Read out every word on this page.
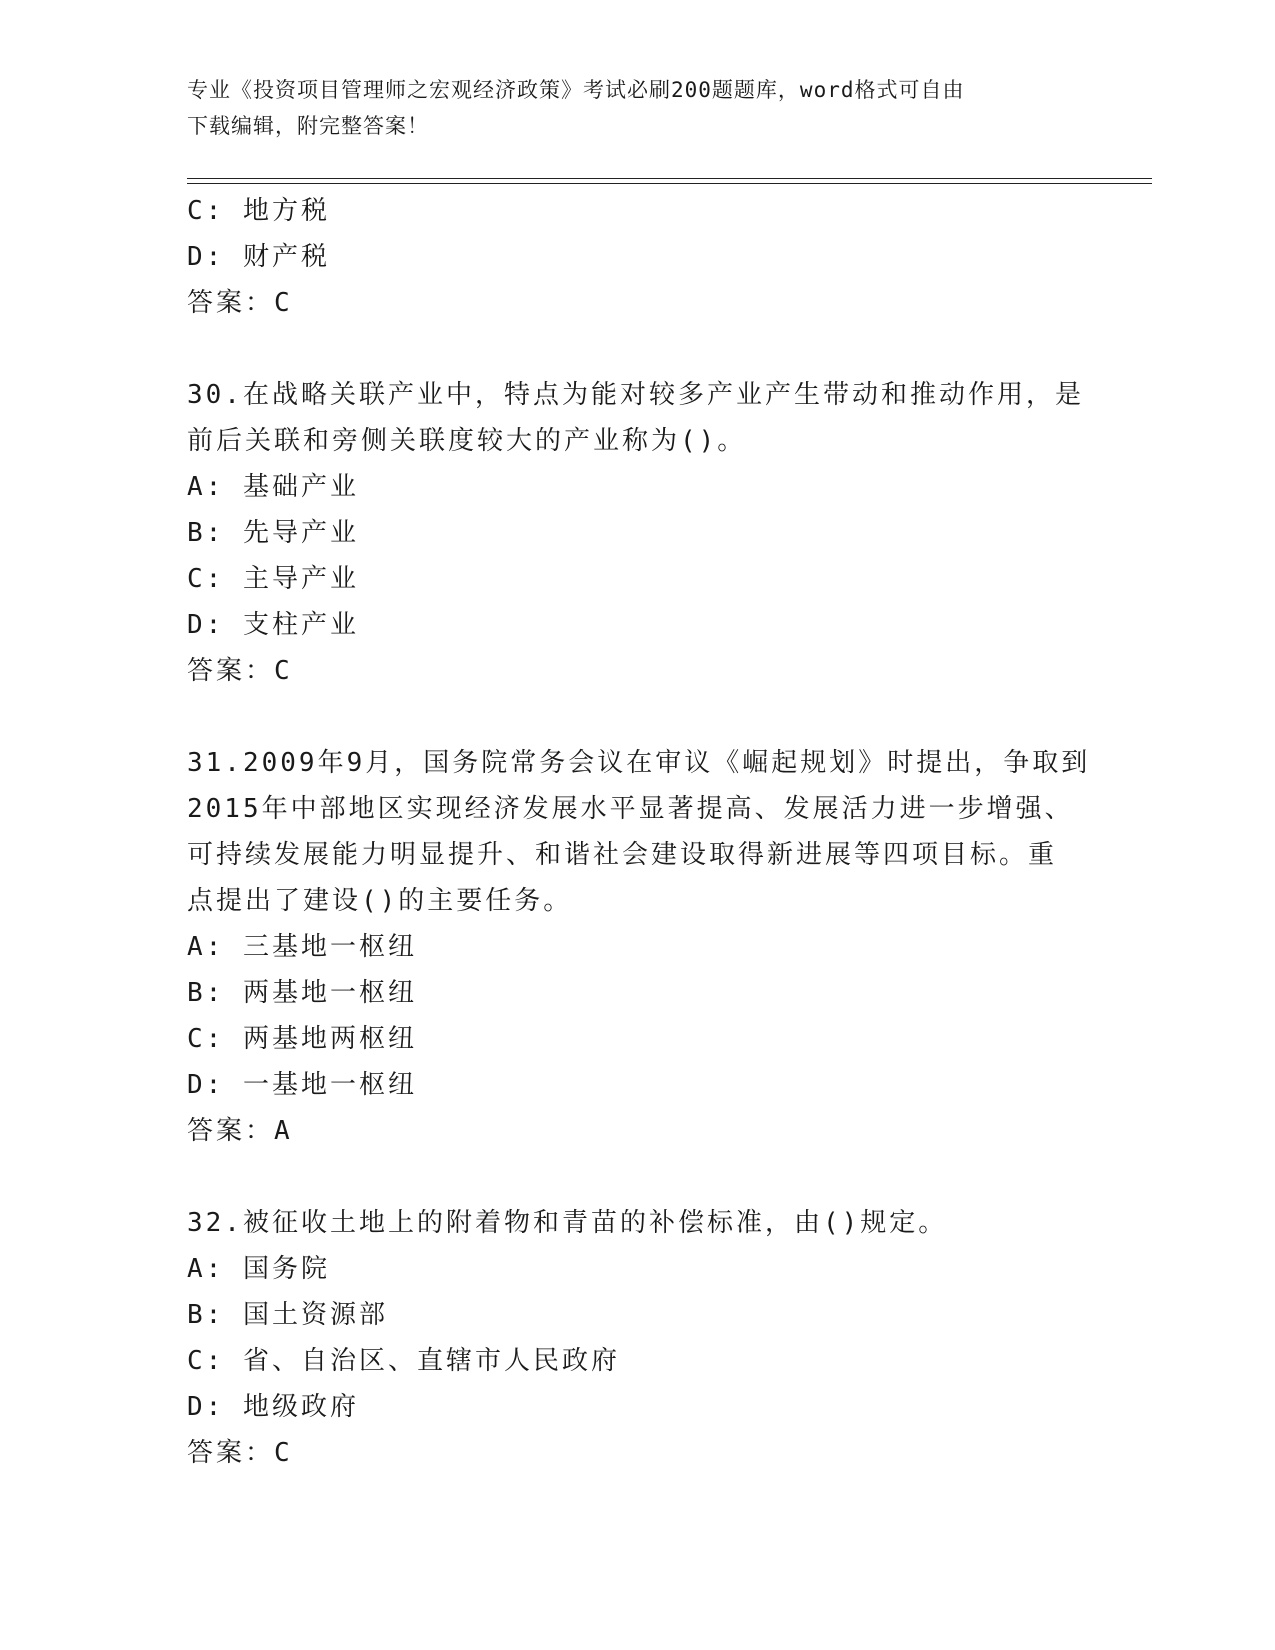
专业《投资项目管理师之宏观经济政策》考试必刷200题题库，word格式可自由
下载编辑，附完整答案！
C: 地方税
D: 财产税
答案：C
30.在战略关联产业中，特点为能对较多产业产生带动和推动作用，是
前后关联和旁侧关联度较大的产业称为()。
A: 基础产业
B: 先导产业
C: 主导产业
D: 支柱产业
答案：C
31.2009年9月，国务院常务会议在审议《崛起规划》时提出，争取到
2015年中部地区实现经济发展水平显著提高、发展活力进一步增强、
可持续发展能力明显提升、和谐社会建设取得新进展等四项目标。重
点提出了建设()的主要任务。
A: 三基地一枢纽
B: 两基地一枢纽
C: 两基地两枢纽
D: 一基地一枢纽
答案：A
32.被征收土地上的附着物和青苗的补偿标准，由()规定。
A: 国务院
B: 国土资源部
C: 省、自治区、直辖市人民政府
D: 地级政府
答案：C
